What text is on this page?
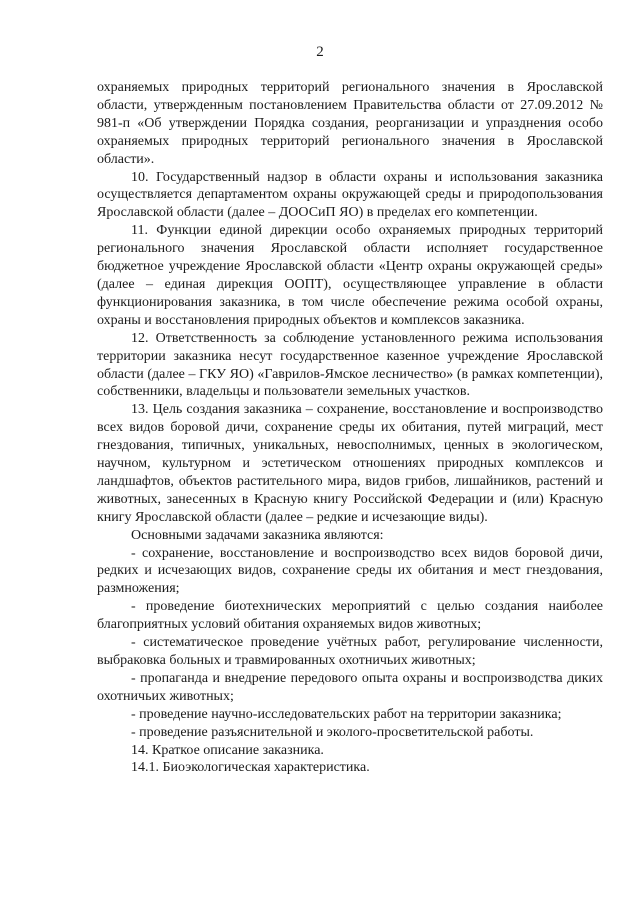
2

охраняемых природных территорий регионального значения в Ярославской области, утвержденным постановлением Правительства области от 27.09.2012 № 981-п «Об утверждении Порядка создания, реорганизации и упразднения особо охраняемых природных территорий регионального значения в Ярославской области».

10. Государственный надзор в области охраны и использования заказника осуществляется департаментом охраны окружающей среды и природопользования Ярославской области (далее – ДООСиП ЯО) в пределах его компетенции.

11. Функции единой дирекции особо охраняемых природных территорий регионального значения Ярославской области исполняет государственное бюджетное учреждение Ярославской области «Центр охраны окружающей среды» (далее – единая дирекция ООПТ), осуществляющее управление в области функционирования заказника, в том числе обеспечение режима особой охраны, охраны и восстановления природных объектов и комплексов заказника.

12. Ответственность за соблюдение установленного режима использования территории заказника несут государственное казенное учреждение Ярославской области (далее – ГКУ ЯО) «Гаврилов-Ямское лесничество» (в рамках компетенции), собственники, владельцы и пользователи земельных участков.

13. Цель создания заказника – сохранение, восстановление и воспроизводство всех видов боровой дичи, сохранение среды их обитания, путей миграций, мест гнездования, типичных, уникальных, невосполнимых, ценных в экологическом, научном, культурном и эстетическом отношениях природных комплексов и ландшафтов, объектов растительного мира, видов грибов, лишайников, растений и животных, занесенных в Красную книгу Российской Федерации и (или) Красную книгу Ярославской области (далее – редкие и исчезающие виды).

Основными задачами заказника являются:

- сохранение, восстановление и воспроизводство всех видов боровой дичи, редких и исчезающих видов, сохранение среды их обитания и мест гнездования, размножения;

- проведение биотехнических мероприятий с целью создания наиболее благоприятных условий обитания охраняемых видов животных;

- систематическое проведение учётных работ, регулирование численности, выбраковка больных и травмированных охотничьих животных;

- пропаганда и внедрение передового опыта охраны и воспроизводства диких охотничьих животных;

- проведение научно-исследовательских работ на территории заказника;

- проведение разъяснительной и эколого-просветительской работы.

14. Краткое описание заказника.

14.1. Биоэкологическая характеристика.
